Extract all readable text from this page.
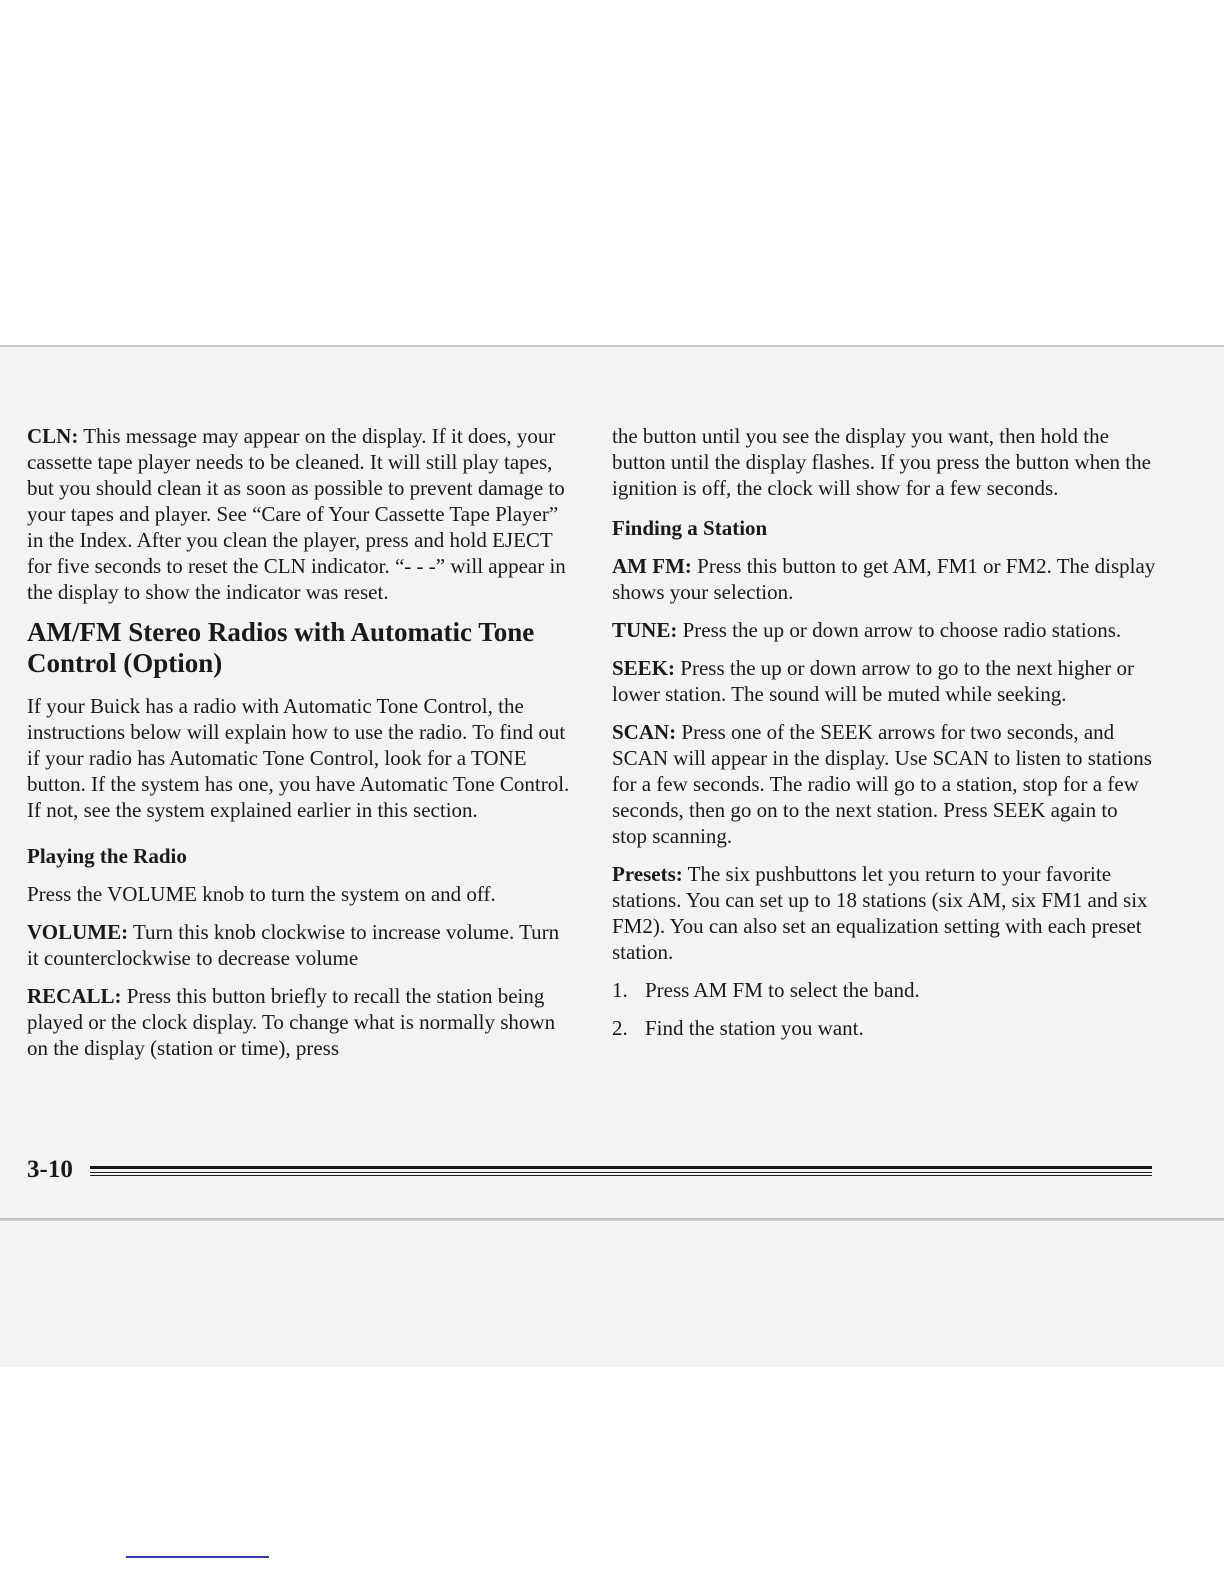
CLN: This message may appear on the display. If it does, your cassette tape player needs to be cleaned. It will still play tapes, but you should clean it as soon as possible to prevent damage to your tapes and player. See “Care of Your Cassette Tape Player” in the Index. After you clean the player, press and hold EJECT for five seconds to reset the CLN indicator. “- - -” will appear in the display to show the indicator was reset.

AM/FM Stereo Radios with Automatic Tone Control (Option)

If your Buick has a radio with Automatic Tone Control, the instructions below will explain how to use the radio. To find out if your radio has Automatic Tone Control, look for a TONE button. If the system has one, you have Automatic Tone Control. If not, see the system explained earlier in this section.

Playing the Radio

Press the VOLUME knob to turn the system on and off.

VOLUME: Turn this knob clockwise to increase volume. Turn it counterclockwise to decrease volume

RECALL: Press this button briefly to recall the station being played or the clock display. To change what is normally shown on the display (station or time), press

the button until you see the display you want, then hold the button until the display flashes. If you press the button when the ignition is off, the clock will show for a few seconds.

Finding a Station

AM FM: Press this button to get AM, FM1 or FM2. The display shows your selection.

TUNE: Press the up or down arrow to choose radio stations.

SEEK: Press the up or down arrow to go to the next higher or lower station. The sound will be muted while seeking.

SCAN: Press one of the SEEK arrows for two seconds, and SCAN will appear in the display. Use SCAN to listen to stations for a few seconds. The radio will go to a station, stop for a few seconds, then go on to the next station. Press SEEK again to stop scanning.

Presets: The six pushbuttons let you return to your favorite stations. You can set up to 18 stations (six AM, six FM1 and six FM2). You can also set an equalization setting with each preset station.

1. Press AM FM to select the band.
2. Find the station you want.
3-10
